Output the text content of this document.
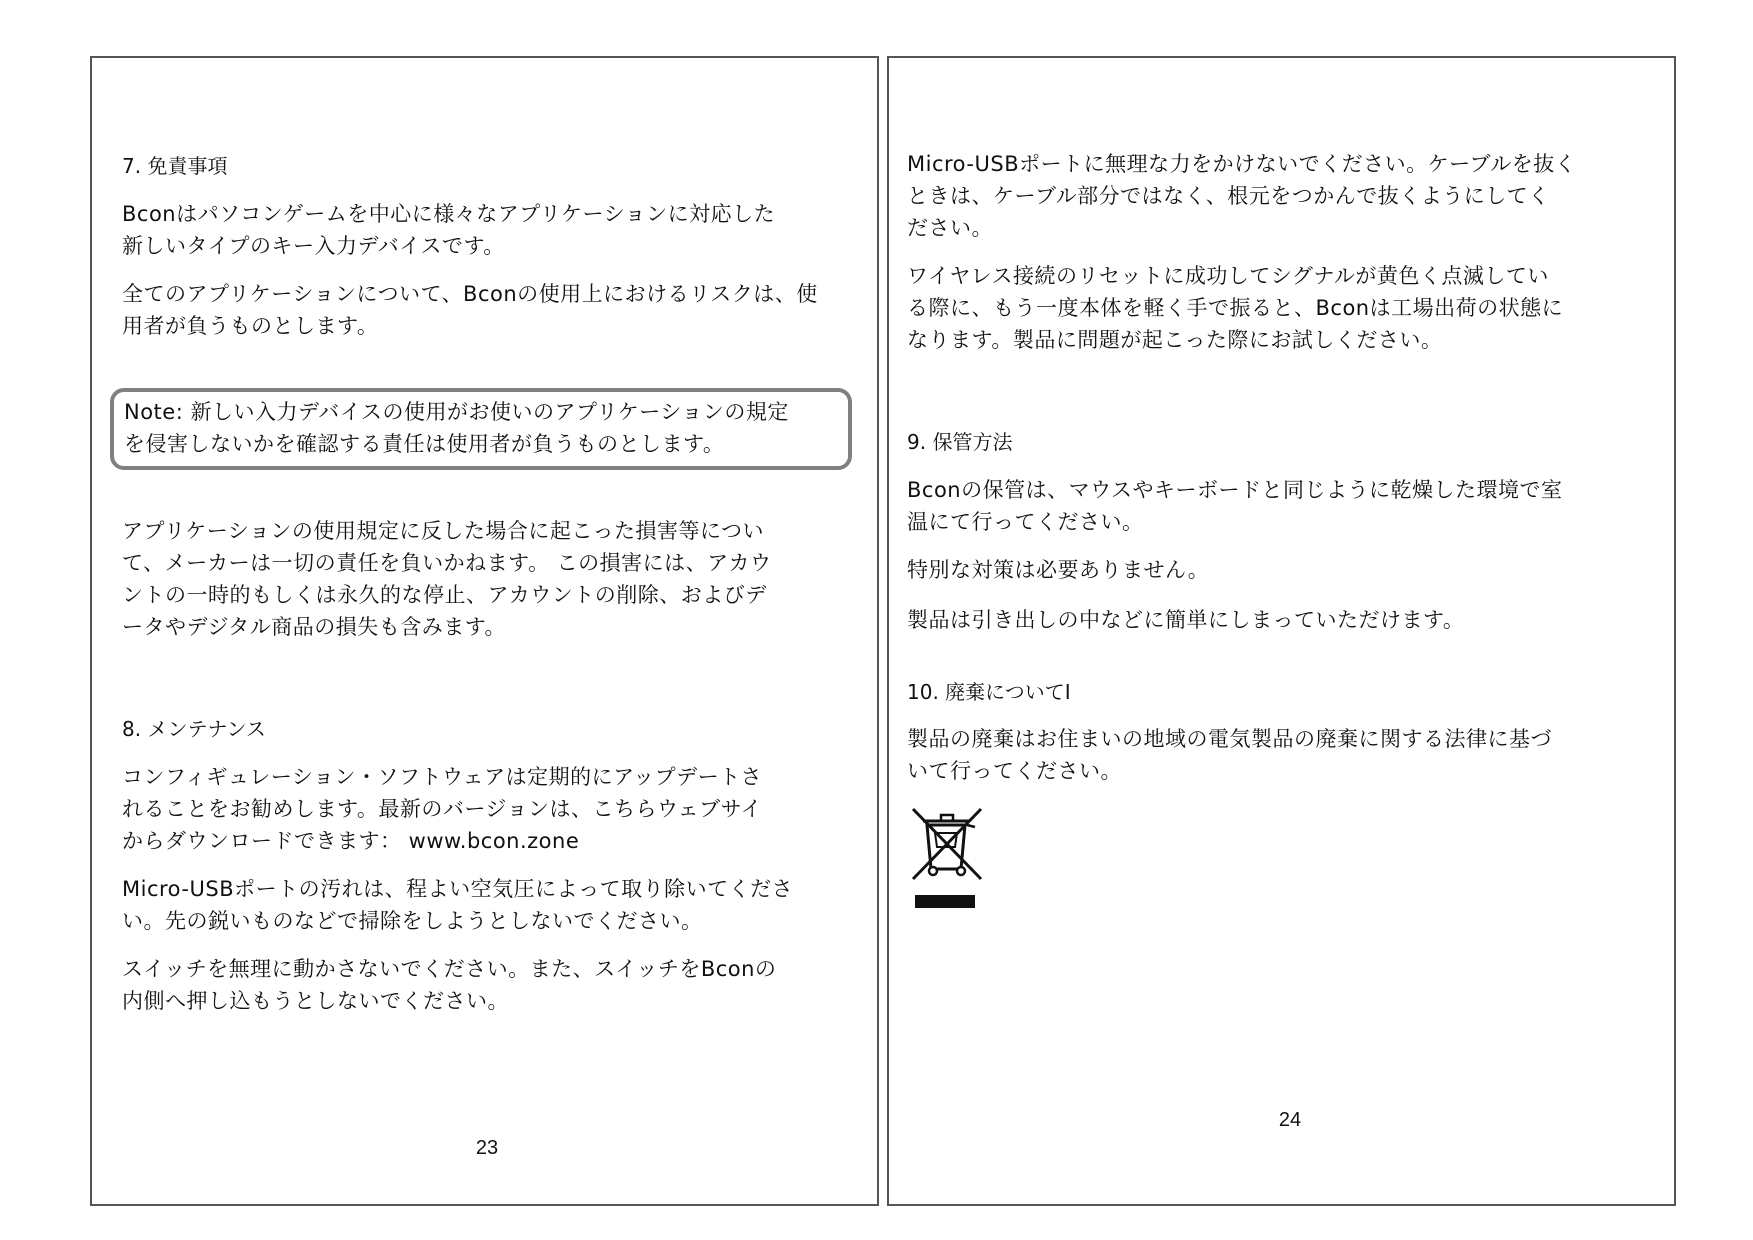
7. 免責事項
Bconはパソコンゲームを中心に様々なアプリケーションに対応した
新しいタイプのキー入力デバイスです。
全てのアプリケーションについて、Bconの使用上におけるリスクは、使
用者が負うものとします。
Note: 新しい入力デバイスの使用がお使いのアプリケーションの規定
を侵害しないかを確認する責任は使用者が負うものとします。
アプリケーションの使用規定に反した場合に起こった損害等につい
て、メーカーは一切の責任を負いかねます。 この損害には、アカウ
ントの一時的もしくは永久的な停止、アカウントの削除、およびデ
ータやデジタル商品の損失も含みます。
8. メンテナンス
コンフィギュレーション・ソフトウェアは定期的にアップデートさ
れることをお勧めします。最新のバージョンは、こちらウェブサイ
からダウンロードできます： www.bcon.zone
Micro-USBポートの汚れは、程よい空気圧によって取り除いてくださ
い。先の鋭いものなどで掃除をしようとしないでください。
スイッチを無理に動かさないでください。また、スイッチをBconの
内側へ押し込もうとしないでください。
23
Micro-USBポートに無理な力をかけないでください。ケーブルを抜く
ときは、ケーブル部分ではなく、根元をつかんで抜くようにしてく
ださい。
ワイヤレス接続のリセットに成功してシグナルが黄色く点滅してい
る際に、もう一度本体を軽く手で振ると、Bconは工場出荷の状態に
なります。製品に問題が起こった際にお試しください。
9. 保管方法
Bconの保管は、マウスやキーボードと同じように乾燥した環境で室
温にて行ってください。
特別な対策は必要ありません。
製品は引き出しの中などに簡単にしまっていただけます。
10. 廃棄についてI
製品の廃棄はお住まいの地域の電気製品の廃棄に関する法律に基づ
いて行ってください。
24
